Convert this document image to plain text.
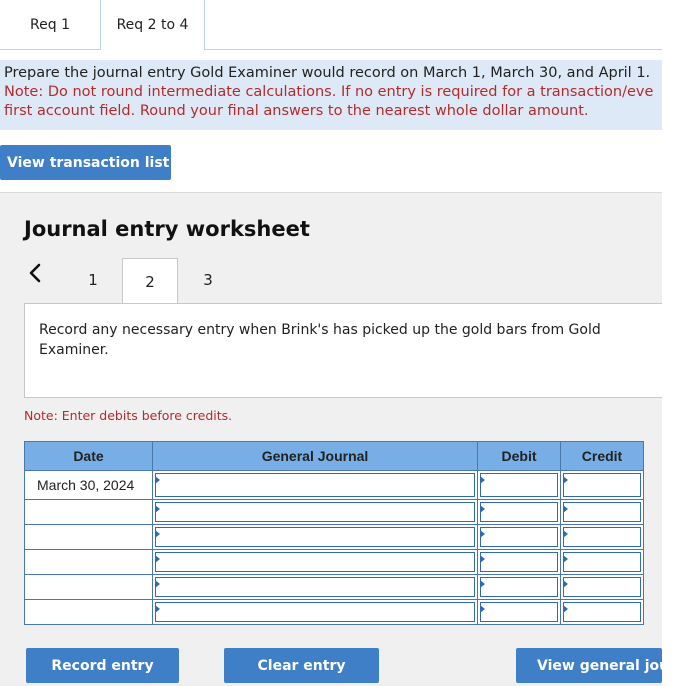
Req 1	Req 2 to 4
Prepare the journal entry Gold Examiner would record on March 1, March 30, and April 1.
Note: Do not round intermediate calculations. If no entry is required for a transaction/eve
first account field. Round your final answers to the nearest whole dollar amount.
View transaction list
Journal entry worksheet
1	2	3
Record any necessary entry when Brink's has picked up the gold bars from Gold Examiner.
Note: Enter debits before credits.
Date	General Journal	Debit	Credit
March 30, 2024	

Record entry	Clear entry	View general jour
